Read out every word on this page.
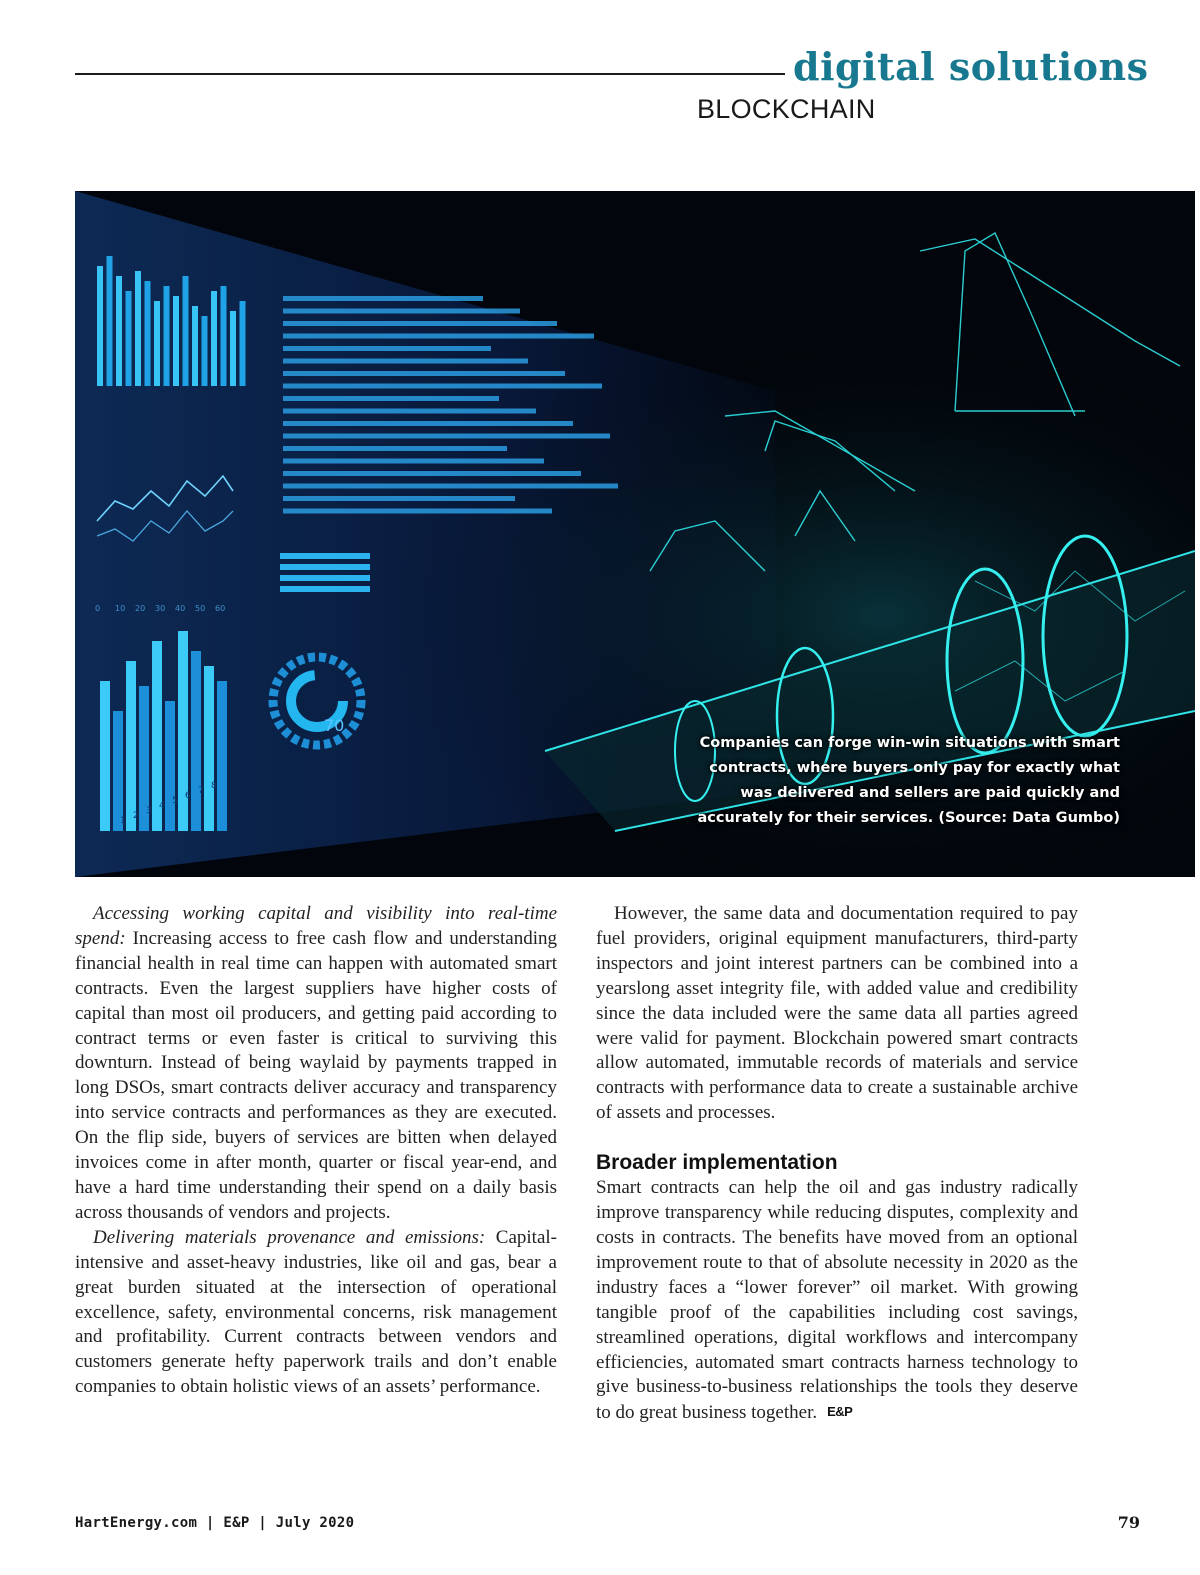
digital solutions
BLOCKCHAIN
0 10 20 30 40 50 60
1 2 3 4 5 6 7 8
70
Companies can forge win-win situations with smart contracts, where buyers only pay for exactly what was delivered and sellers are paid quickly and accurately for their services. (Source: Data Gumbo)

Accessing working capital and visibility into real-time spend: Increasing access to free cash flow and understanding financial health in real time can happen with automated smart contracts. Even the largest suppliers have higher costs of capital than most oil producers, and getting paid according to contract terms or even faster is critical to surviving this downturn. Instead of being waylaid by payments trapped in long DSOs, smart contracts deliver accuracy and transparency into service contracts and performances as they are executed. On the flip side, buyers of services are bitten when delayed invoices come in after month, quarter or fiscal year-end, and have a hard time understanding their spend on a daily basis across thousands of vendors and projects.

Delivering materials provenance and emissions: Capital-intensive and asset-heavy industries, like oil and gas, bear a great burden situated at the intersection of operational excellence, safety, environmental concerns, risk management and profitability. Current contracts between vendors and customers generate hefty paperwork trails and don’t enable companies to obtain holistic views of an assets’ performance.

However, the same data and documentation required to pay fuel providers, original equipment manufacturers, third-party inspectors and joint interest partners can be combined into a yearslong asset integrity file, with added value and credibility since the data included were the same data all parties agreed were valid for payment. Blockchain powered smart contracts allow automated, immutable records of materials and service contracts with performance data to create a sustainable archive of assets and processes.

Broader implementation

Smart contracts can help the oil and gas industry radically improve transparency while reducing disputes, complexity and costs in contracts. The benefits have moved from an optional improvement route to that of absolute necessity in 2020 as the industry faces a “lower forever” oil market. With growing tangible proof of the capabilities including cost savings, streamlined operations, digital workflows and intercompany efficiencies, automated smart contracts harness technology to give business-to-business relationships the tools they deserve to do great business together. E&P

HartEnergy.com | E&P | July 2020	79
